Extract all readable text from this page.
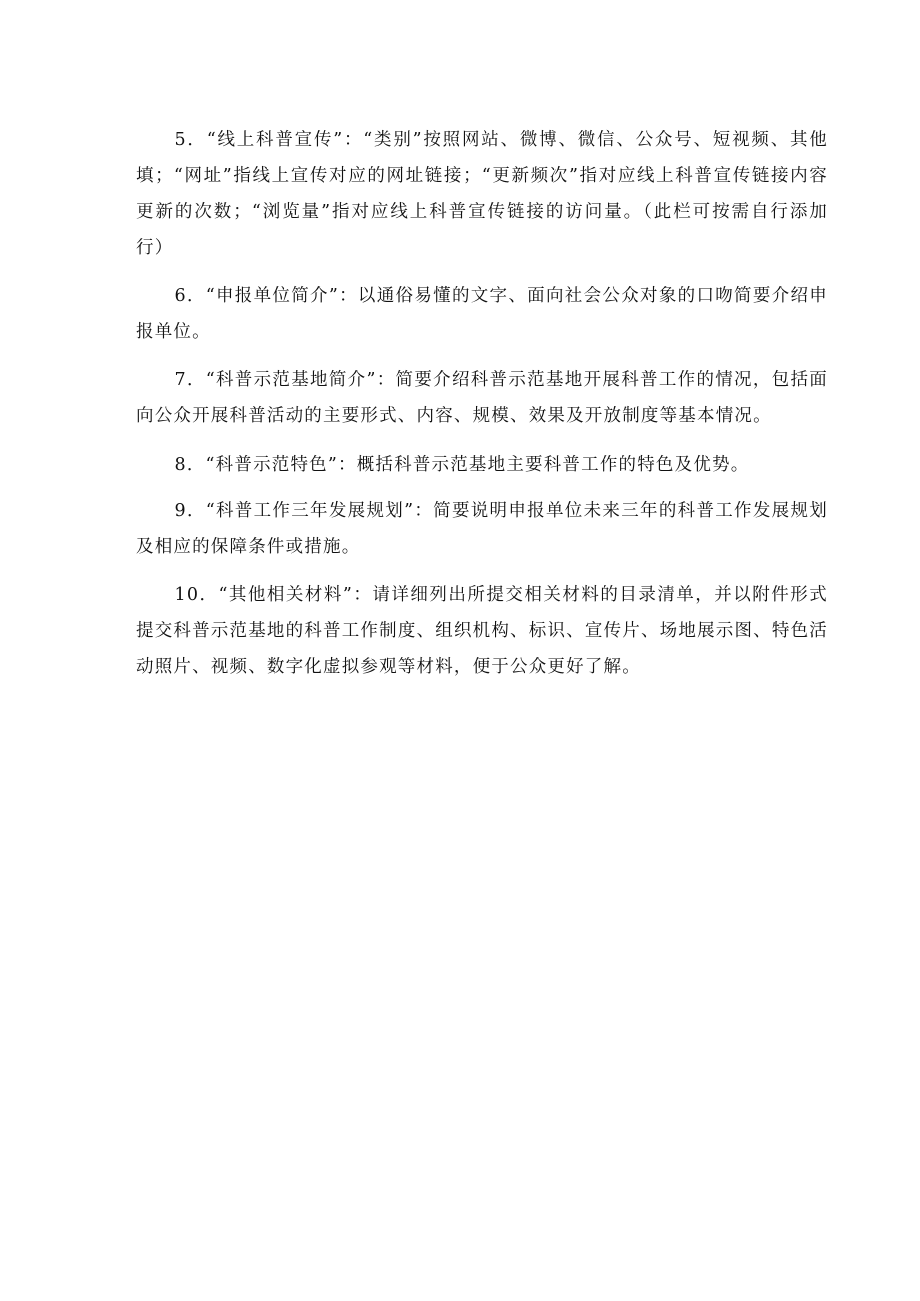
5．“线上科普宣传”：“类别”按照网站、微博、微信、公众号、短视频、其他填；“网址”指线上宣传对应的网址链接；“更新频次”指对应线上科普宣传链接内容更新的次数；“浏览量”指对应线上科普宣传链接的访问量。（此栏可按需自行添加行）

6．“申报单位简介”：以通俗易懂的文字、面向社会公众对象的口吻简要介绍申报单位。

7．“科普示范基地简介”：简要介绍科普示范基地开展科普工作的情况，包括面向公众开展科普活动的主要形式、内容、规模、效果及开放制度等基本情况。

8．“科普示范特色”：概括科普示范基地主要科普工作的特色及优势。

9．“科普工作三年发展规划”：简要说明申报单位未来三年的科普工作发展规划及相应的保障条件或措施。

10．“其他相关材料”：请详细列出所提交相关材料的目录清单，并以附件形式提交科普示范基地的科普工作制度、组织机构、标识、宣传片、场地展示图、特色活动照片、视频、数字化虚拟参观等材料，便于公众更好了解。
